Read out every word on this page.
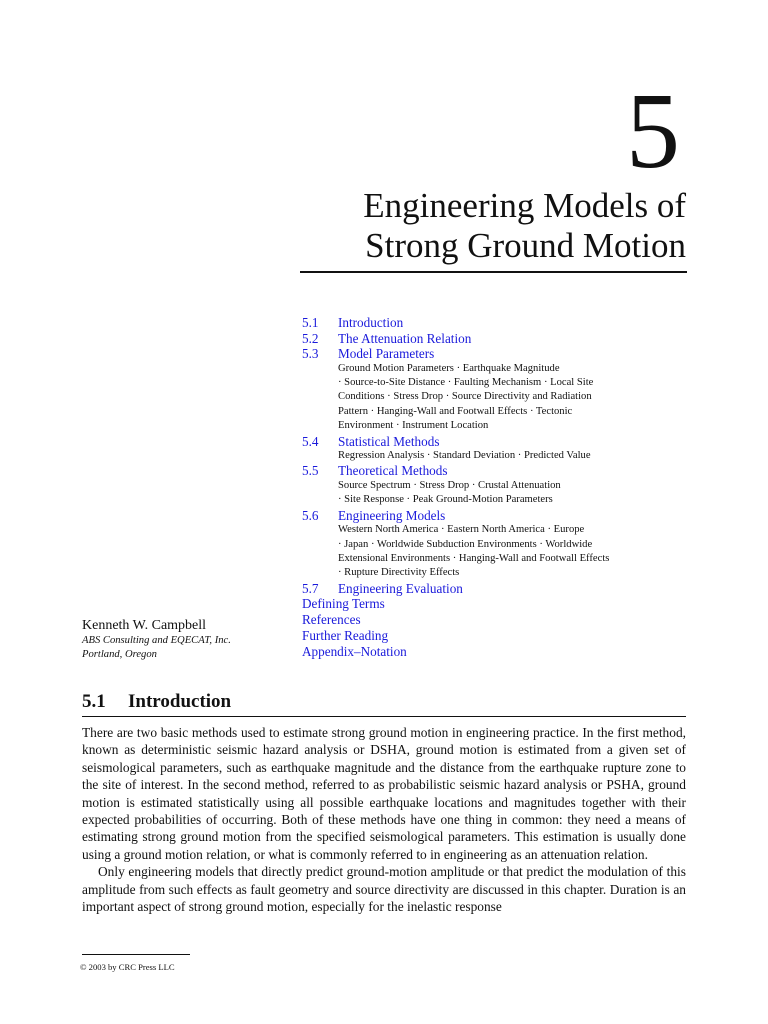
5
Engineering Models of
Strong Ground Motion
5.1	Introduction
5.2	The Attenuation Relation
5.3	Model Parameters
Ground Motion Parameters · Earthquake Magnitude
· Source-to-Site Distance · Faulting Mechanism · Local Site
Conditions · Stress Drop · Source Directivity and Radiation
Pattern · Hanging-Wall and Footwall Effects · Tectonic
Environment · Instrument Location
5.4	Statistical Methods
Regression Analysis · Standard Deviation · Predicted Value
5.5	Theoretical Methods
Source Spectrum · Stress Drop · Crustal Attenuation
· Site Response · Peak Ground-Motion Parameters
5.6	Engineering Models
Western North America · Eastern North America · Europe
· Japan · Worldwide Subduction Environments · Worldwide
Extensional Environments · Hanging-Wall and Footwall Effects
· Rupture Directivity Effects
5.7	Engineering Evaluation
Defining Terms
References
Further Reading
Appendix–Notation
Kenneth W. Campbell
ABS Consulting and EQECAT, Inc.
Portland, Oregon
5.1 Introduction

There are two basic methods used to estimate strong ground motion in engineering practice. In the first method, known as deterministic seismic hazard analysis or DSHA, ground motion is estimated from a given set of seismological parameters, such as earthquake magnitude and the distance from the earthquake rupture zone to the site of interest. In the second method, referred to as probabilistic seismic hazard analysis or PSHA, ground motion is estimated statistically using all possible earthquake locations and magnitudes together with their expected probabilities of occurring. Both of these methods have one thing in common: they need a means of estimating strong ground motion from the specified seismological parameters. This estimation is usually done using a ground motion relation, or what is commonly referred to in engineering as an attenuation relation.

Only engineering models that directly predict ground-motion amplitude or that predict the modulation of this amplitude from such effects as fault geometry and source directivity are discussed in this chapter. Duration is an important aspect of strong ground motion, especially for the inelastic response

© 2003 by CRC Press LLC
